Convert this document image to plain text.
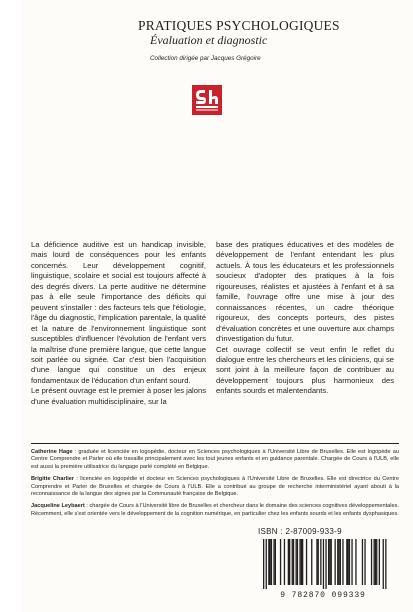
PRATIQUES PSYCHOLOGIQUES
Évaluation et diagnostic
Collection dirigée par Jacques Grégoire

La déficience auditive est un handicap invisible, mais lourd de conséquences pour les enfants concernés. Leur développement cognitif, linguistique, scolaire et social est toujours affecté à des degrés divers. La perte auditive ne détermine pas à elle seule l'importance des déficits qui peuvent s'installer : des facteurs tels que l'étiologie, l'âge du diagnostic, l'implication parentale, la qualité et la nature de l'environnement linguistique sont susceptibles d'influencer l'évolution de l'enfant vers la maîtrise d'une première langue, que cette langue soit parlée ou signée. Car c'est bien l'acquisition d'une langue qui constitue un des enjeux fondamentaux de l'éducation d'un enfant sourd.

Le présent ouvrage est le premier à poser les jalons d'une évaluation multidisciplinaire, sur la

base des pratiques éducatives et des modèles de développement de l'enfant entendant les plus actuels. À tous les éducateurs et les professionnels soucieux d'adopter des pratiques à la fois rigoureuses, réalistes et ajustées à l'enfant et à sa famille, l'ouvrage offre une mise à jour des connaissances récentes, un cadre théorique rigoureux, des concepts porteurs, des pistes d'évaluation concrètes et une ouverture aux champs d'investigation du futur.

Cet ouvrage collectif se veut enfin le reflet du dialogue entre les chercheurs et les cliniciens, qui se sont joint à la meilleure façon de contribuer au développement toujours plus harmonieux des enfants sourds et malentendants.

Catherine Hage : graduée et licenciée en logopédie, docteur en Sciences psychologiques à l'Université Libre de Bruxelles. Elle est logopède au Centre Comprendre et Parler où elle travaille principalement avec les tout jeunes enfants et en guidance parentale. Chargée de Cours à l'ULB, elle est aussi la première utilisatrice du langage parlé complété en Belgique.

Brigitte Charlier : licenciée en logopédie et docteur en Sciences psychologiques à l'Université Libre de Bruxelles. Elle est directrice du Centre Comprendre et Parler de Bruxelles et chargée de Cours à l'ULB. Elle a contribué au groupe de recherche interministériel ayant abouti à la reconnaissance de la langue des signes par la Communauté française de Belgique.

Jacqueline Leybaert : chargée de Cours à l'Université libre de Bruxelles et chercheur dans le domaine des sciences cognitives développementales. Récemment, elle s'est orientée vers le développement de la cognition numérique, en particulier chez les enfants sourds et les enfants dysphasiques.

ISBN : 2-87009-933-9
9 782870 099339
